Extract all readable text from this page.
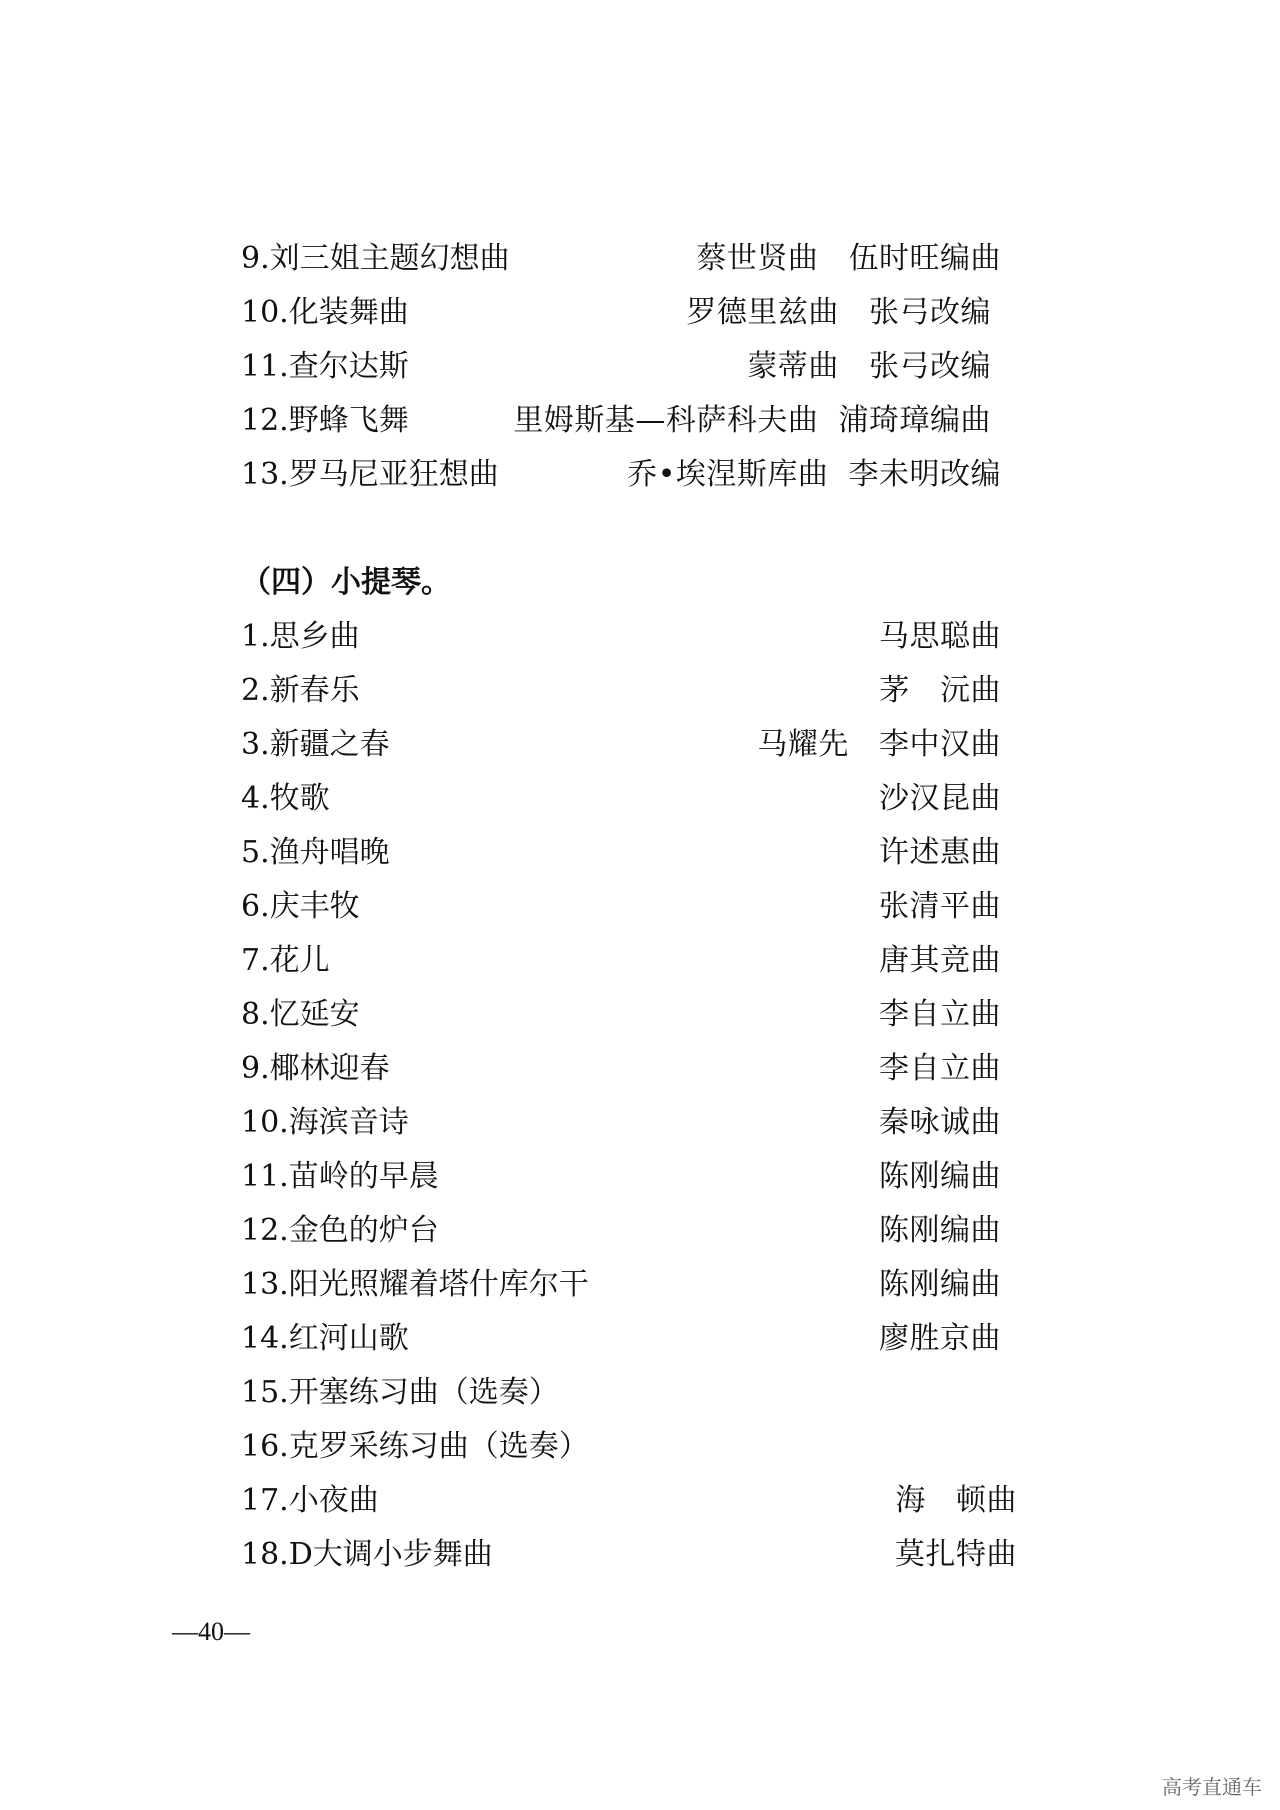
9.刘三姐主题幻想曲	蔡世贤曲   伍时旺编曲
10.化装舞曲	罗德里兹曲   张弓改编
11.查尔达斯	蒙蒂曲   张弓改编
12.野蜂飞舞	里姆斯基—科萨科夫曲  浦琦璋编曲
13.罗马尼亚狂想曲	乔•埃涅斯库曲  李未明改编
（四）小提琴。
1.思乡曲	马思聪曲
2.新春乐	茅   沅曲
3.新疆之春	马耀先   李中汉曲
4.牧歌	沙汉昆曲
5.渔舟唱晚	许述惠曲
6.庆丰牧	张清平曲
7.花儿	唐其竞曲
8.忆延安	李自立曲
9.椰林迎春	李自立曲
10.海滨音诗	秦咏诚曲
11.苗岭的早晨	陈刚编曲
12.金色的炉台	陈刚编曲
13.阳光照耀着塔什库尔干	陈刚编曲
14.红河山歌	廖胜京曲
15.开塞练习曲（选奏）
16.克罗采练习曲（选奏）
17.小夜曲	海   顿曲
18.D大调小步舞曲	莫扎特曲
—40—
高考直通车
